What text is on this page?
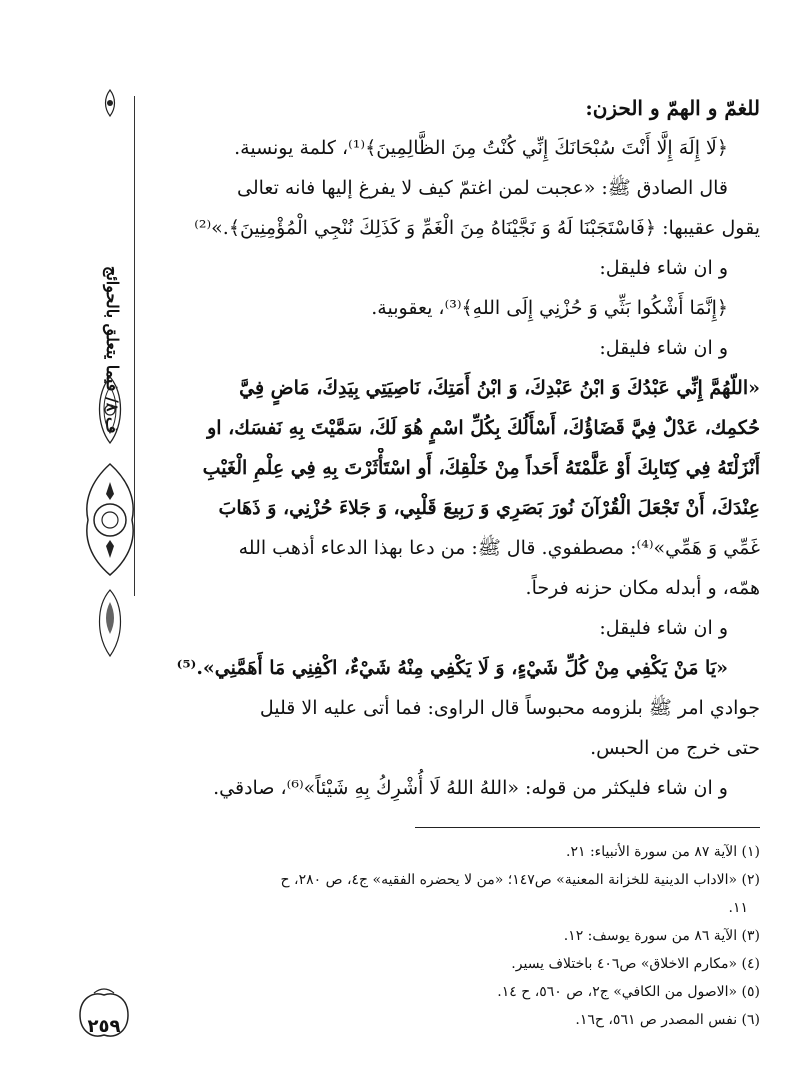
ف ٨/ فيما يتعلق بالحوائج
٢٥٩
للغمّ و الهمّ و الحزن:
﴿لَا إِلَهَ إِلَّا أَنْتَ سُبْحَانَكَ إِنِّي كُنْتُ مِنَ الظَّالِمِينَ﴾⁽¹⁾، كلمة يونسية.
قال الصادق ﷺ: «عجبت لمن اغتمّ كيف لا يفرغ إليها فانه تعالى
يقول عقيبها: ﴿فَاسْتَجَبْنَا لَهُ وَ نَجَّيْنَاهُ مِنَ الْغَمِّ وَ كَذَلِكَ نُنْجِي الْمُؤْمِنِينَ﴾.»⁽²⁾
و ان شاء فليقل:
﴿إِنَّمَا أَشْكُوا بَثِّي وَ حُزْنِي إِلَى اللهِ﴾⁽³⁾، يعقوبية.
و ان شاء فليقل:
«اللّهُمَّ إِنِّي عَبْدُكَ وَ ابْنُ عَبْدِكَ، وَ ابْنُ أَمَتِكَ، نَاصِيَتِي بِيَدِكَ، مَاضٍ فِيَّ
حُكمِك، عَدْلٌ فِيَّ قَضَاؤُكَ، أَسْأَلُكَ بِكُلِّ اسْمٍ هُوَ لَكَ، سَمَّيْتَ بِهِ نَفسَك، او
أَنْزَلْتَهُ فِي كِتَابِكَ أَوْ عَلَّمْتَهُ أَحَداً مِنْ خَلْقِكَ، أَو اسْتَأْثَرْتَ بِهِ فِي عِلْمِ الْغَيْبِ
عِنْدَكَ، أَنْ تَجْعَلَ الْقُرْآنَ نُورَ بَصَرِي وَ رَبِيعَ قَلْبِي، وَ جَلاءَ حُزْنِي، وَ ذَهَابَ
غَمِّي وَ هَمِّي»⁽⁴⁾: مصطفوي. قال ﷺ: من دعا بهذا الدعاء أذهب الله
همّه، و أبدله مكان حزنه فرحاً.
و ان شاء فليقل:
«يَا مَنْ يَكْفِي مِنْ كُلِّ شَيْءٍ، وَ لَا يَكْفِي مِنْهُ شَيْءٌ، اكْفِنِي مَا أَهَمَّنِي».⁽⁵⁾
جوادي امر ﷺ بلزومه محبوساً قال الراوى: فما أتى عليه الا قليل
حتى خرج من الحبس.
و ان شاء فليكثر من قوله: «اللهُ اللهُ لَا أُشْرِكُ بِهِ شَيْئاً»⁽⁶⁾، صادقي.
(١) الآية ٨٧ من سورة الأنبياء: ٢١.
(٢) «الاداب الدينية للخزانة المعنية» ص١٤٧؛ «من لا يحضره الفقيه» ج٤، ص ٢٨٠، ح
١١.
(٣) الآية ٨٦ من سورة يوسف: ١٢.
(٤) «مكارم الاخلاق» ص٤٠٦ باختلاف يسير.
(٥) «الاصول من الكافي» ج٢، ص ٥٦٠، ح ١٤.
(٦) نفس المصدر ص ٥٦١، ح١٦.
